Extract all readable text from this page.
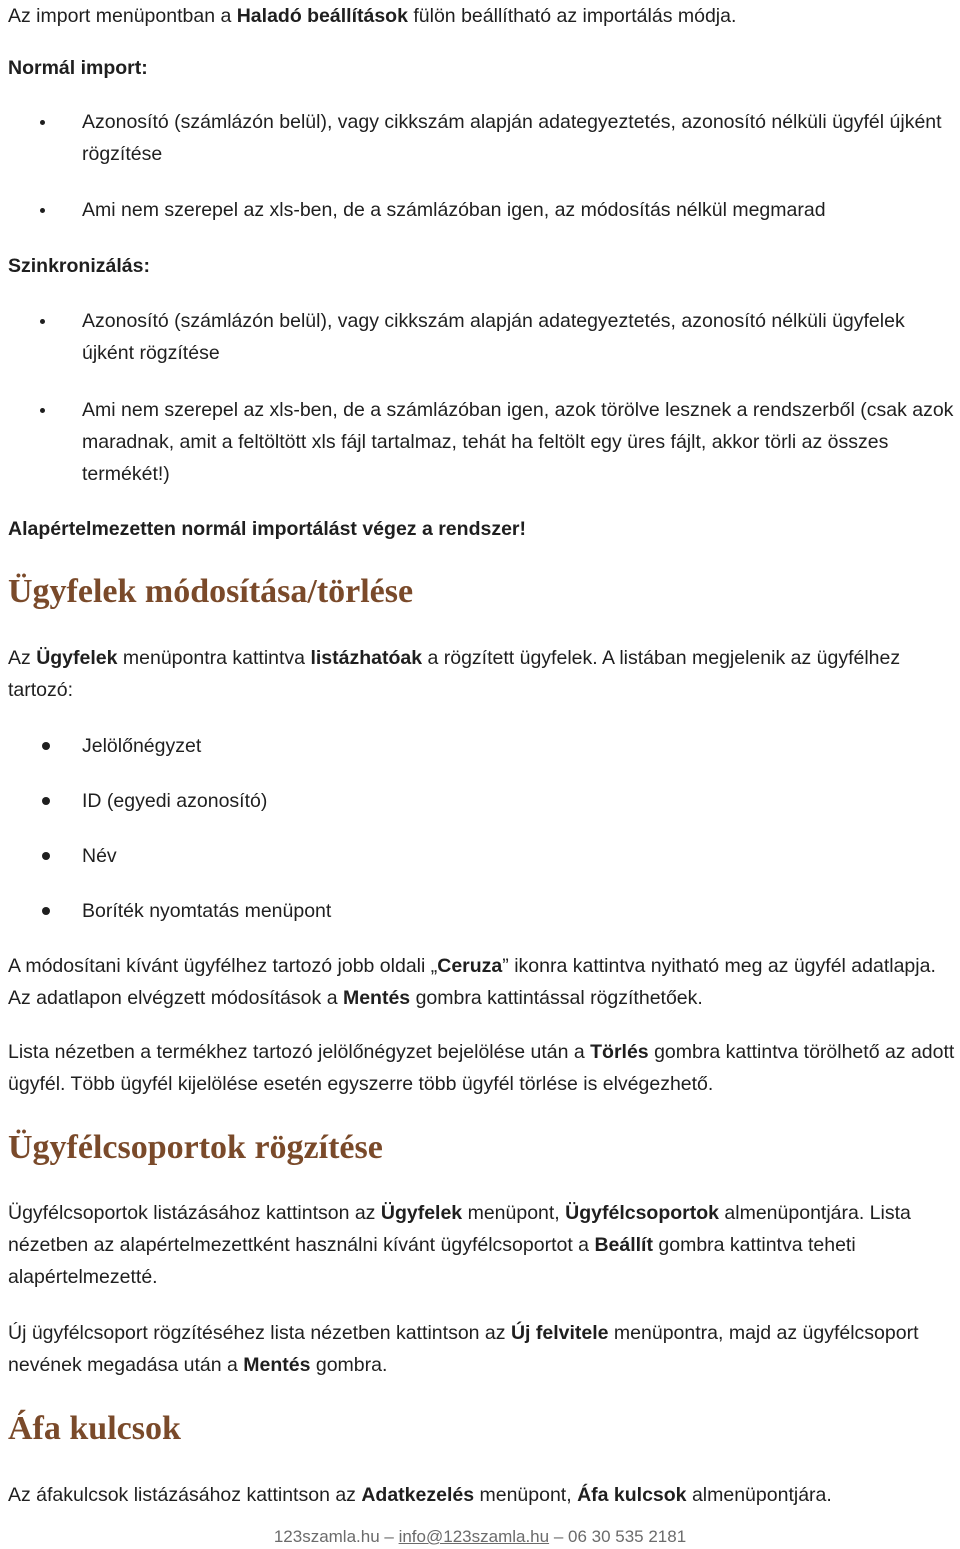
Az import menüpontban a Haladó beállítások fülön beállítható az importálás módja.

Normál import:

Azonosító (számlázón belül), vagy cikkszám alapján adategyeztetés, azonosító nélküli ügyfél újként rögzítése
Ami nem szerepel az xls-ben, de a számlázóban igen, az módosítás nélkül megmarad

Szinkronizálás:

Azonosító (számlázón belül), vagy cikkszám alapján adategyeztetés, azonosító nélküli ügyfelek újként rögzítése
Ami nem szerepel az xls-ben, de a számlázóban igen, azok törölve lesznek a rendszerből (csak azok maradnak, amit a feltöltött xls fájl tartalmaz, tehát ha feltölt egy üres fájlt, akkor törli az összes termékét!)

Alapértelmezetten normál importálást végez a rendszer!

Ügyfelek módosítása/törlése

Az Ügyfelek menüpontra kattintva listázhatóak a rögzített ügyfelek. A listában megjelenik az ügyfélhez tartozó:

Jelölőnégyzet
ID (egyedi azonosító)
Név
Boríték nyomtatás menüpont

A módosítani kívánt ügyfélhez tartozó jobb oldali „Ceruza” ikonra kattintva nyitható meg az ügyfél adatlapja. Az adatlapon elvégzett módosítások a Mentés gombra kattintással rögzíthetőek.

Lista nézetben a termékhez tartozó jelölőnégyzet bejelölése után a Törlés gombra kattintva törölhető az adott ügyfél. Több ügyfél kijelölése esetén egyszerre több ügyfél törlése is elvégezhető.

Ügyfélcsoportok rögzítése

Ügyfélcsoportok listázásához kattintson az Ügyfelek menüpont, Ügyfélcsoportok almenüpontjára. Lista nézetben az alapértelmezettként használni kívánt ügyfélcsoportot a Beállít gombra kattintva teheti alapértelmezetté.

Új ügyfélcsoport rögzítéséhez lista nézetben kattintson az Új felvitele menüpontra, majd az ügyfélcsoport nevének megadása után a Mentés gombra.

Áfa kulcsok

Az áfakulcsok listázásához kattintson az Adatkezelés menüpont, Áfa kulcsok almenüpontjára.

123szamla.hu – info@123szamla.hu – 06 30 535 2181
